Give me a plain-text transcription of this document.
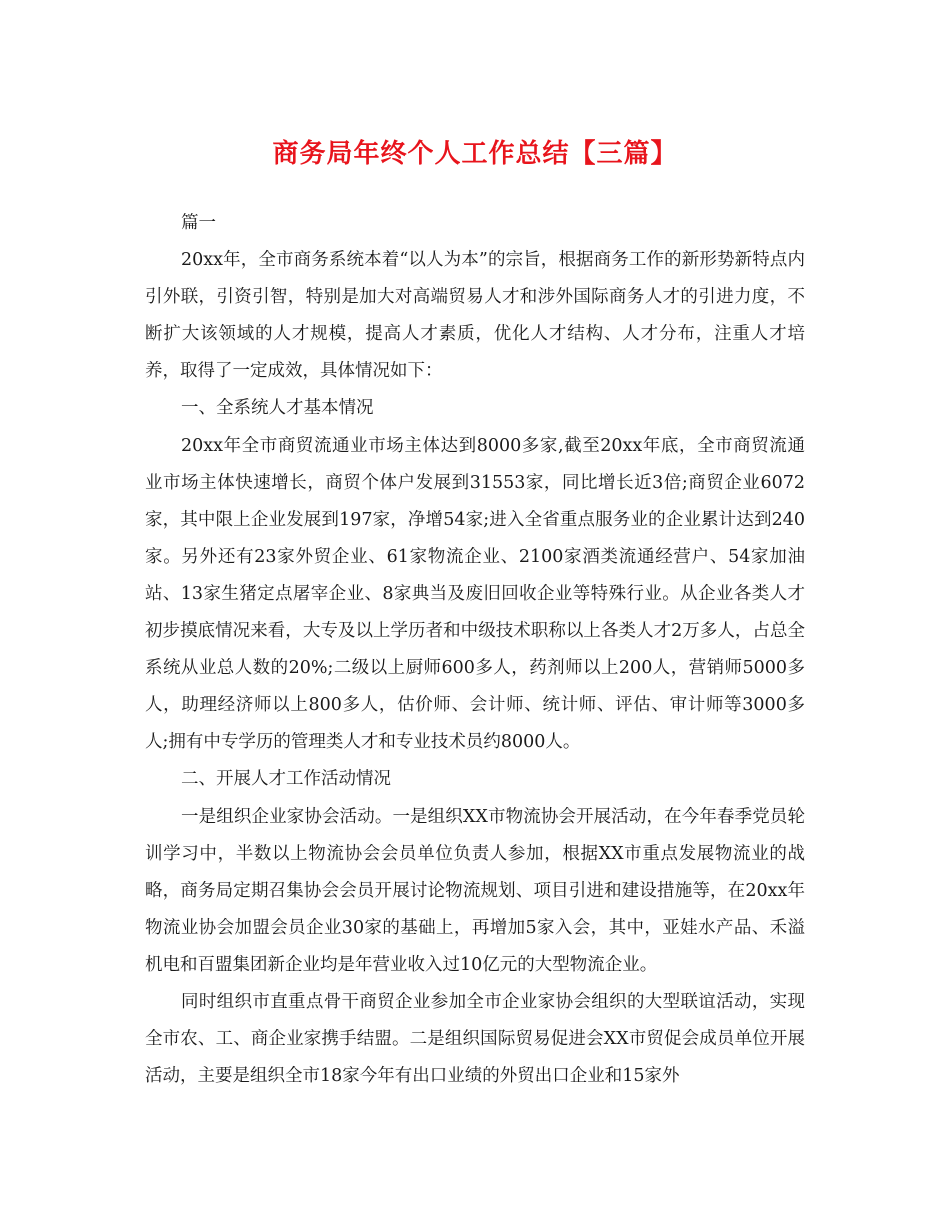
商务局年终个人工作总结【三篇】

篇一

20xx年，全市商务系统本着“以人为本”的宗旨，根据商务工作的新形势新特点内引外联，引资引智，特别是加大对高端贸易人才和涉外国际商务人才的引进力度，不断扩大该领域的人才规模，提高人才素质，优化人才结构、人才分布，注重人才培养，取得了一定成效，具体情况如下：

一、全系统人才基本情况

20xx年全市商贸流通业市场主体达到8000多家,截至20xx年底，全市商贸流通业市场主体快速增长，商贸个体户发展到31553家，同比增长近3倍;商贸企业6072家，其中限上企业发展到197家，净增54家;进入全省重点服务业的企业累计达到240家。另外还有23家外贸企业、61家物流企业、2100家酒类流通经营户、54家加油站、13家生猪定点屠宰企业、8家典当及废旧回收企业等特殊行业。从企业各类人才初步摸底情况来看，大专及以上学历者和中级技术职称以上各类人才2万多人，占总全系统从业总人数的20%;二级以上厨师600多人，药剂师以上200人，营销师5000多人，助理经济师以上800多人，估价师、会计师、统计师、评估、审计师等3000多人;拥有中专学历的管理类人才和专业技术员约8000人。

二、开展人才工作活动情况

一是组织企业家协会活动。一是组织XX市物流协会开展活动，在今年春季党员轮训学习中，半数以上物流协会会员单位负责人参加，根据XX市重点发展物流业的战略，商务局定期召集协会会员开展讨论物流规划、项目引进和建设措施等，在20xx年物流业协会加盟会员企业30家的基础上，再增加5家入会，其中，亚娃水产品、禾溢机电和百盟集团新企业均是年营业收入过10亿元的大型物流企业。

同时组织市直重点骨干商贸企业参加全市企业家协会组织的大型联谊活动，实现全市农、工、商企业家携手结盟。二是组织国际贸易促进会XX市贸促会成员单位开展活动，主要是组织全市18家今年有出口业绩的外贸出口企业和15家外
